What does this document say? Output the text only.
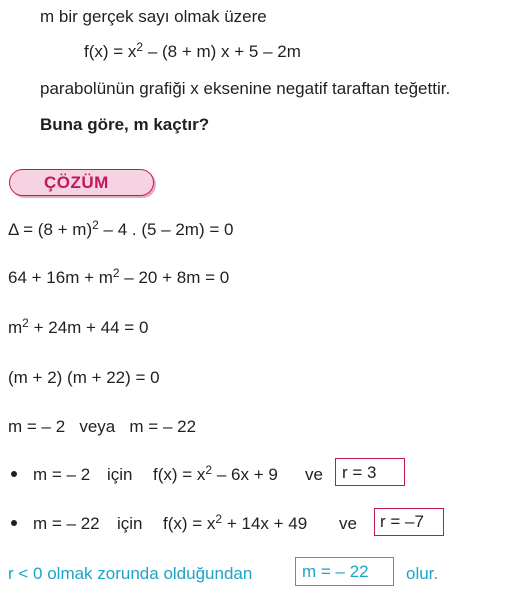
m bir gerçek sayı olmak üzere
$f(x) = x^2 - (8 + m) x + 5 - 2m$
parabolünün grafiği x eksenine negatif taraftan teğettir.
Buna göre, m kaçtır?
ÇÖZÜM
$\Delta = (8 + m)^2 - 4$ . (5 – 2m) = 0
$64 + 16m + m^2 - 20 + 8m = 0$
$m^2 + 24m + 44 = 0$
(m + 2) (m + 22) = 0
m = – 2   veya   m = – 22
m = – 2 için $f(x) = x^2 - 6x + 9$ ve r = 3
m = – 22 için $f(x) = x^2 + 14x + 49$ ve r = –7
r < 0 olmak zorunda olduğundan	m = – 22 olur.
